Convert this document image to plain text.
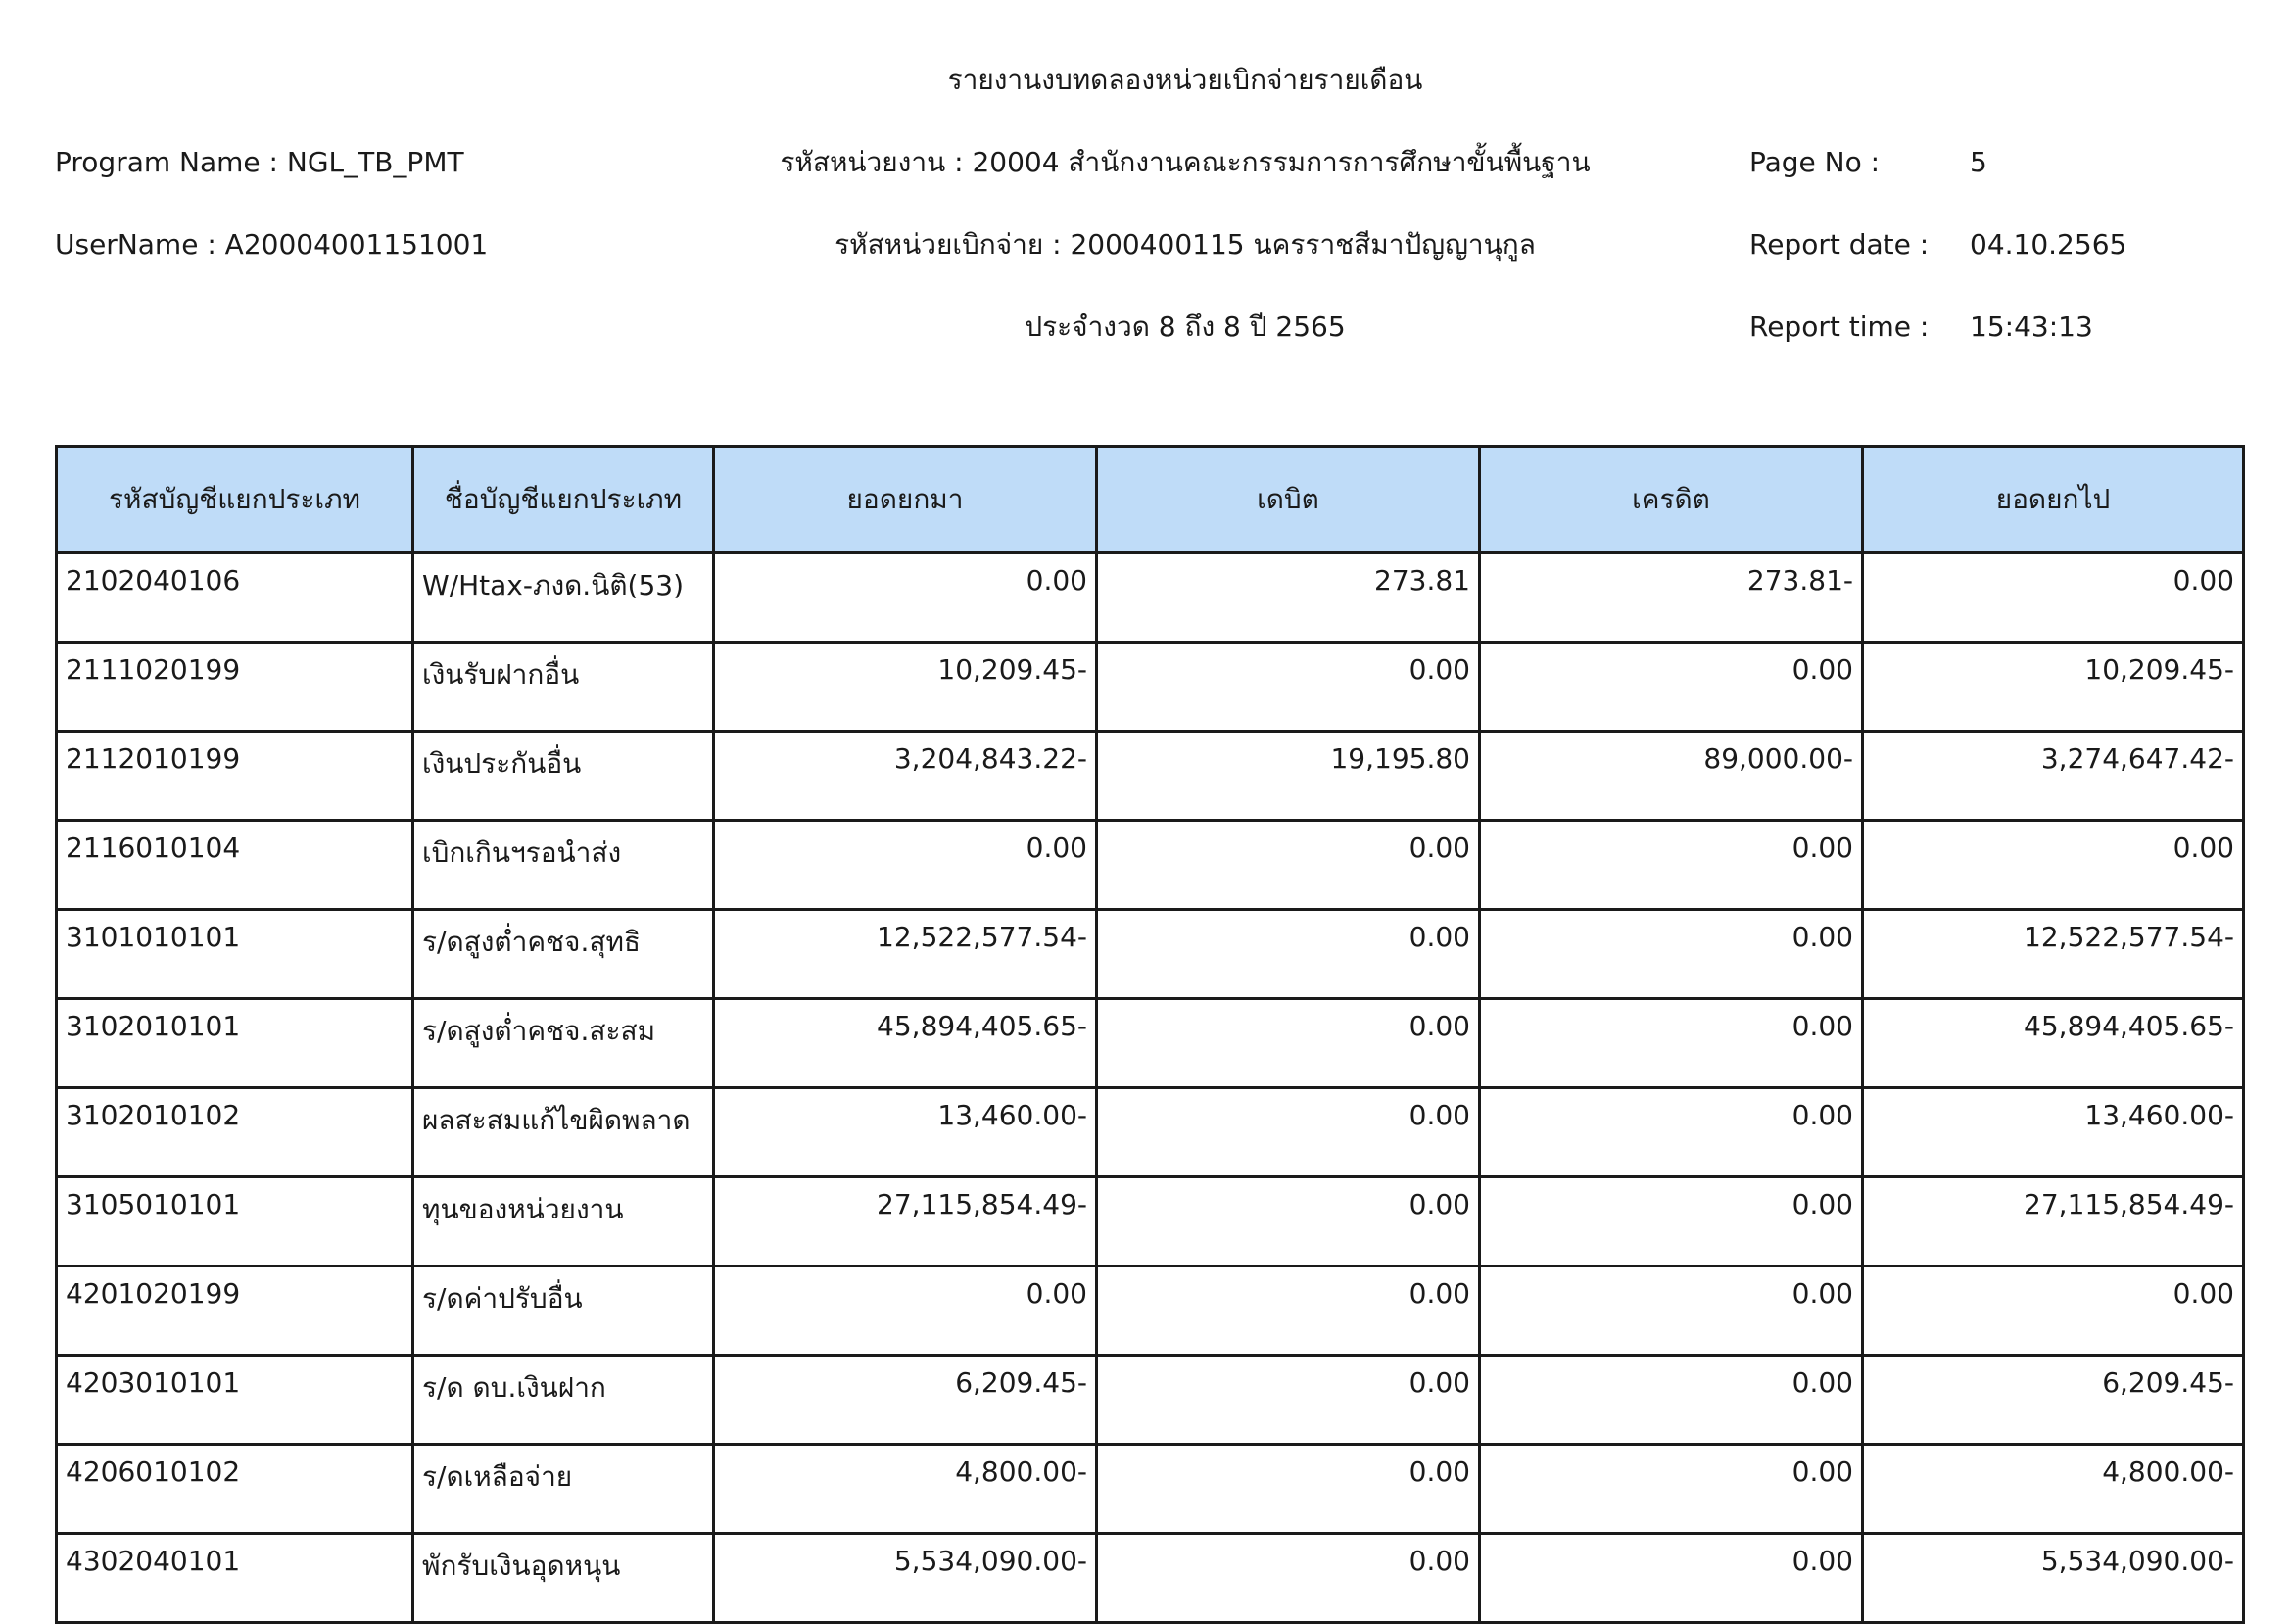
รายงานงบทดลองหน่วยเบิกจ่ายรายเดือน
Program Name : NGL_TB_PMT	รหัสหน่วยงาน : 20004 สำนักงานคณะกรรมการการศึกษาขั้นพื้นฐาน	Page No :	5
UserName : A20004001151001	รหัสหน่วยเบิกจ่าย : 2000400115 นครราชสีมาปัญญานุกูล	Report date : 04.10.2565
ประจำงวด 8 ถึง 8 ปี 2565	Report time : 15:43:13
รหัสบัญชีแยกประเภท	ชื่อบัญชีแยกประเภท	ยอดยกมา	เดบิต	เครดิต	ยอดยกไป
2102040106	W/Htax-ภงด.นิติ(53)	0.00	273.81	273.81-	0.00
2111020199	เงินรับฝากอื่น	10,209.45-	0.00	0.00	10,209.45-
2112010199	เงินประกันอื่น	3,204,843.22-	19,195.80	89,000.00-	3,274,647.42-
2116010104	เบิกเกินฯรอนำส่ง	0.00	0.00	0.00	0.00
3101010101	ร/ดสูงต่ำคชจ.สุทธิ	12,522,577.54-	0.00	0.00	12,522,577.54-
3102010101	ร/ดสูงต่ำคชจ.สะสม	45,894,405.65-	0.00	0.00	45,894,405.65-
3102010102	ผลสะสมแก้ไขผิดพลาด	13,460.00-	0.00	0.00	13,460.00-
3105010101	ทุนของหน่วยงาน	27,115,854.49-	0.00	0.00	27,115,854.49-
4201020199	ร/ดค่าปรับอื่น	0.00	0.00	0.00	0.00
4203010101	ร/ด ดบ.เงินฝาก	6,209.45-	0.00	0.00	6,209.45-
4206010102	ร/ดเหลือจ่าย	4,800.00-	0.00	0.00	4,800.00-
4302040101	พักรับเงินอุดหนุน	5,534,090.00-	0.00	0.00	5,534,090.00-
